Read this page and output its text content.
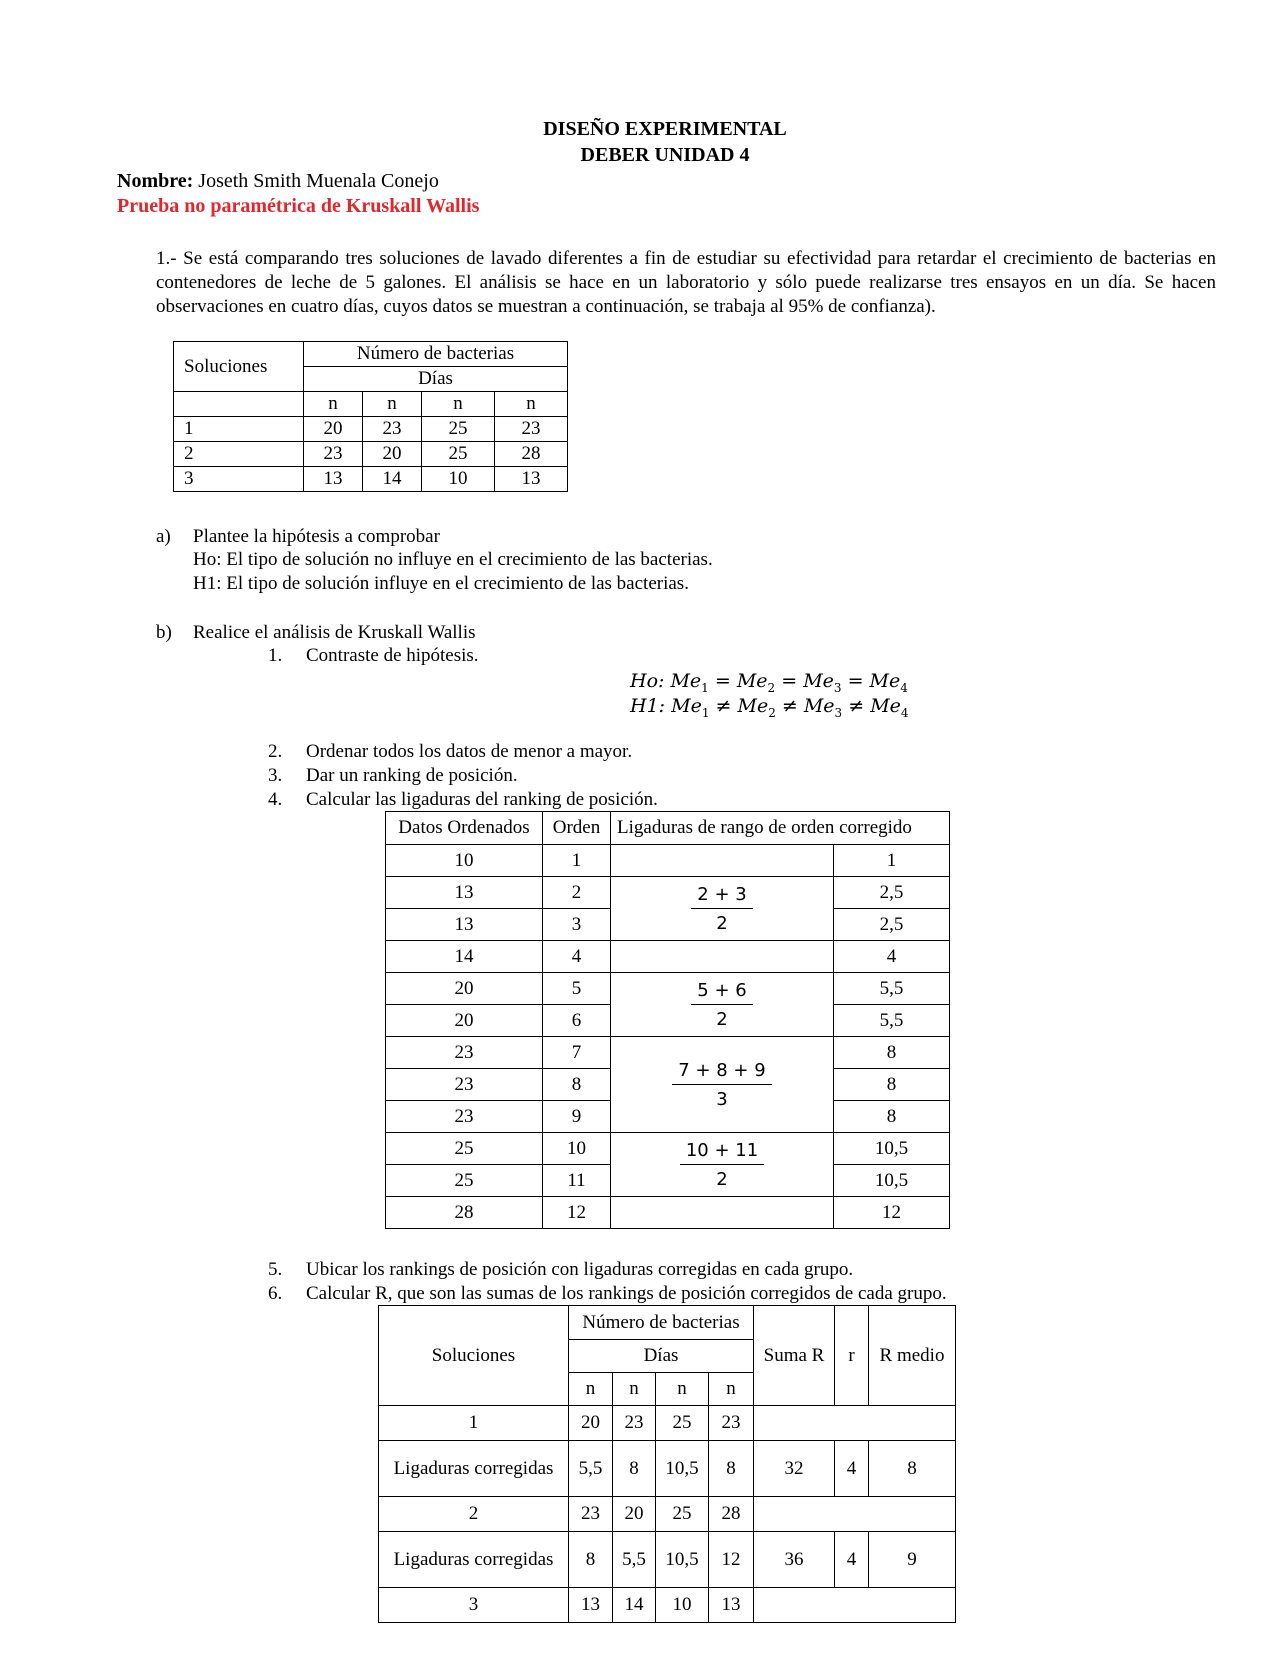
DISEÑO EXPERIMENTAL
DEBER UNIDAD 4
Nombre: Joseth Smith Muenala Conejo
Prueba no paramétrica de Kruskall Wallis
1.- Se está comparando tres soluciones de lavado diferentes a fin de estudiar su efectividad para retardar el crecimiento de bacterias en contenedores de leche de 5 galones. El análisis se hace en un laboratorio y sólo puede realizarse tres ensayos en un día. Se hacen observaciones en cuatro días, cuyos datos se muestran a continuación, se trabaja al 95% de confianza).
Soluciones	Número de bacterias			
	Días			
	n	n	n	n
1	20	23	25	23
2	23	20	25	28
3	13	14	10	13
a) Plantee la hipótesis a comprobar
Ho: El tipo de solución no influye en el crecimiento de las bacterias.
H1: El tipo de solución influye en el crecimiento de las bacterias.
b) Realice el análisis de Kruskall Wallis
1. Contraste de hipótesis.
Ho: $Me_1 = Me_2 = Me_3 = Me_4$
H1: $Me_1 \ne Me_2 \ne Me_3 \ne Me_4$
2. Ordenar todos los datos de menor a mayor.
3. Dar un ranking de posición.
4. Calcular las ligaduras del ranking de posición.
Datos Ordenados	Orden	Ligaduras de rango de orden corregido	
10	1		1
13	2	$\frac{2 + 3}{2}$	2,5
13	3		2,5
14	4		4
20	5	$\frac{5 + 6}{2}$	5,5
20	6		5,5
23	7	$\frac{7 + 8 + 9}{3}$	8
23	8		8
23	9		8
25	10	$\frac{10 + 11}{2}$	10,5
25	11		10,5
28	12		12
5. Ubicar los rankings de posición con ligaduras corregidas en cada grupo.
6. Calcular R, que son las sumas de los rankings de posición corregidos de cada grupo.
Soluciones	Número de bacterias				Suma R	r	R medio
	Días						
	n	n	n	n			
1	20	23	25	23			
Ligaduras corregidas	5,5	8	10,5	8	32	4	8
2	23	20	25	28			
Ligaduras corregidas	8	5,5	10,5	12	36	4	9
3	13	14	10	13			
